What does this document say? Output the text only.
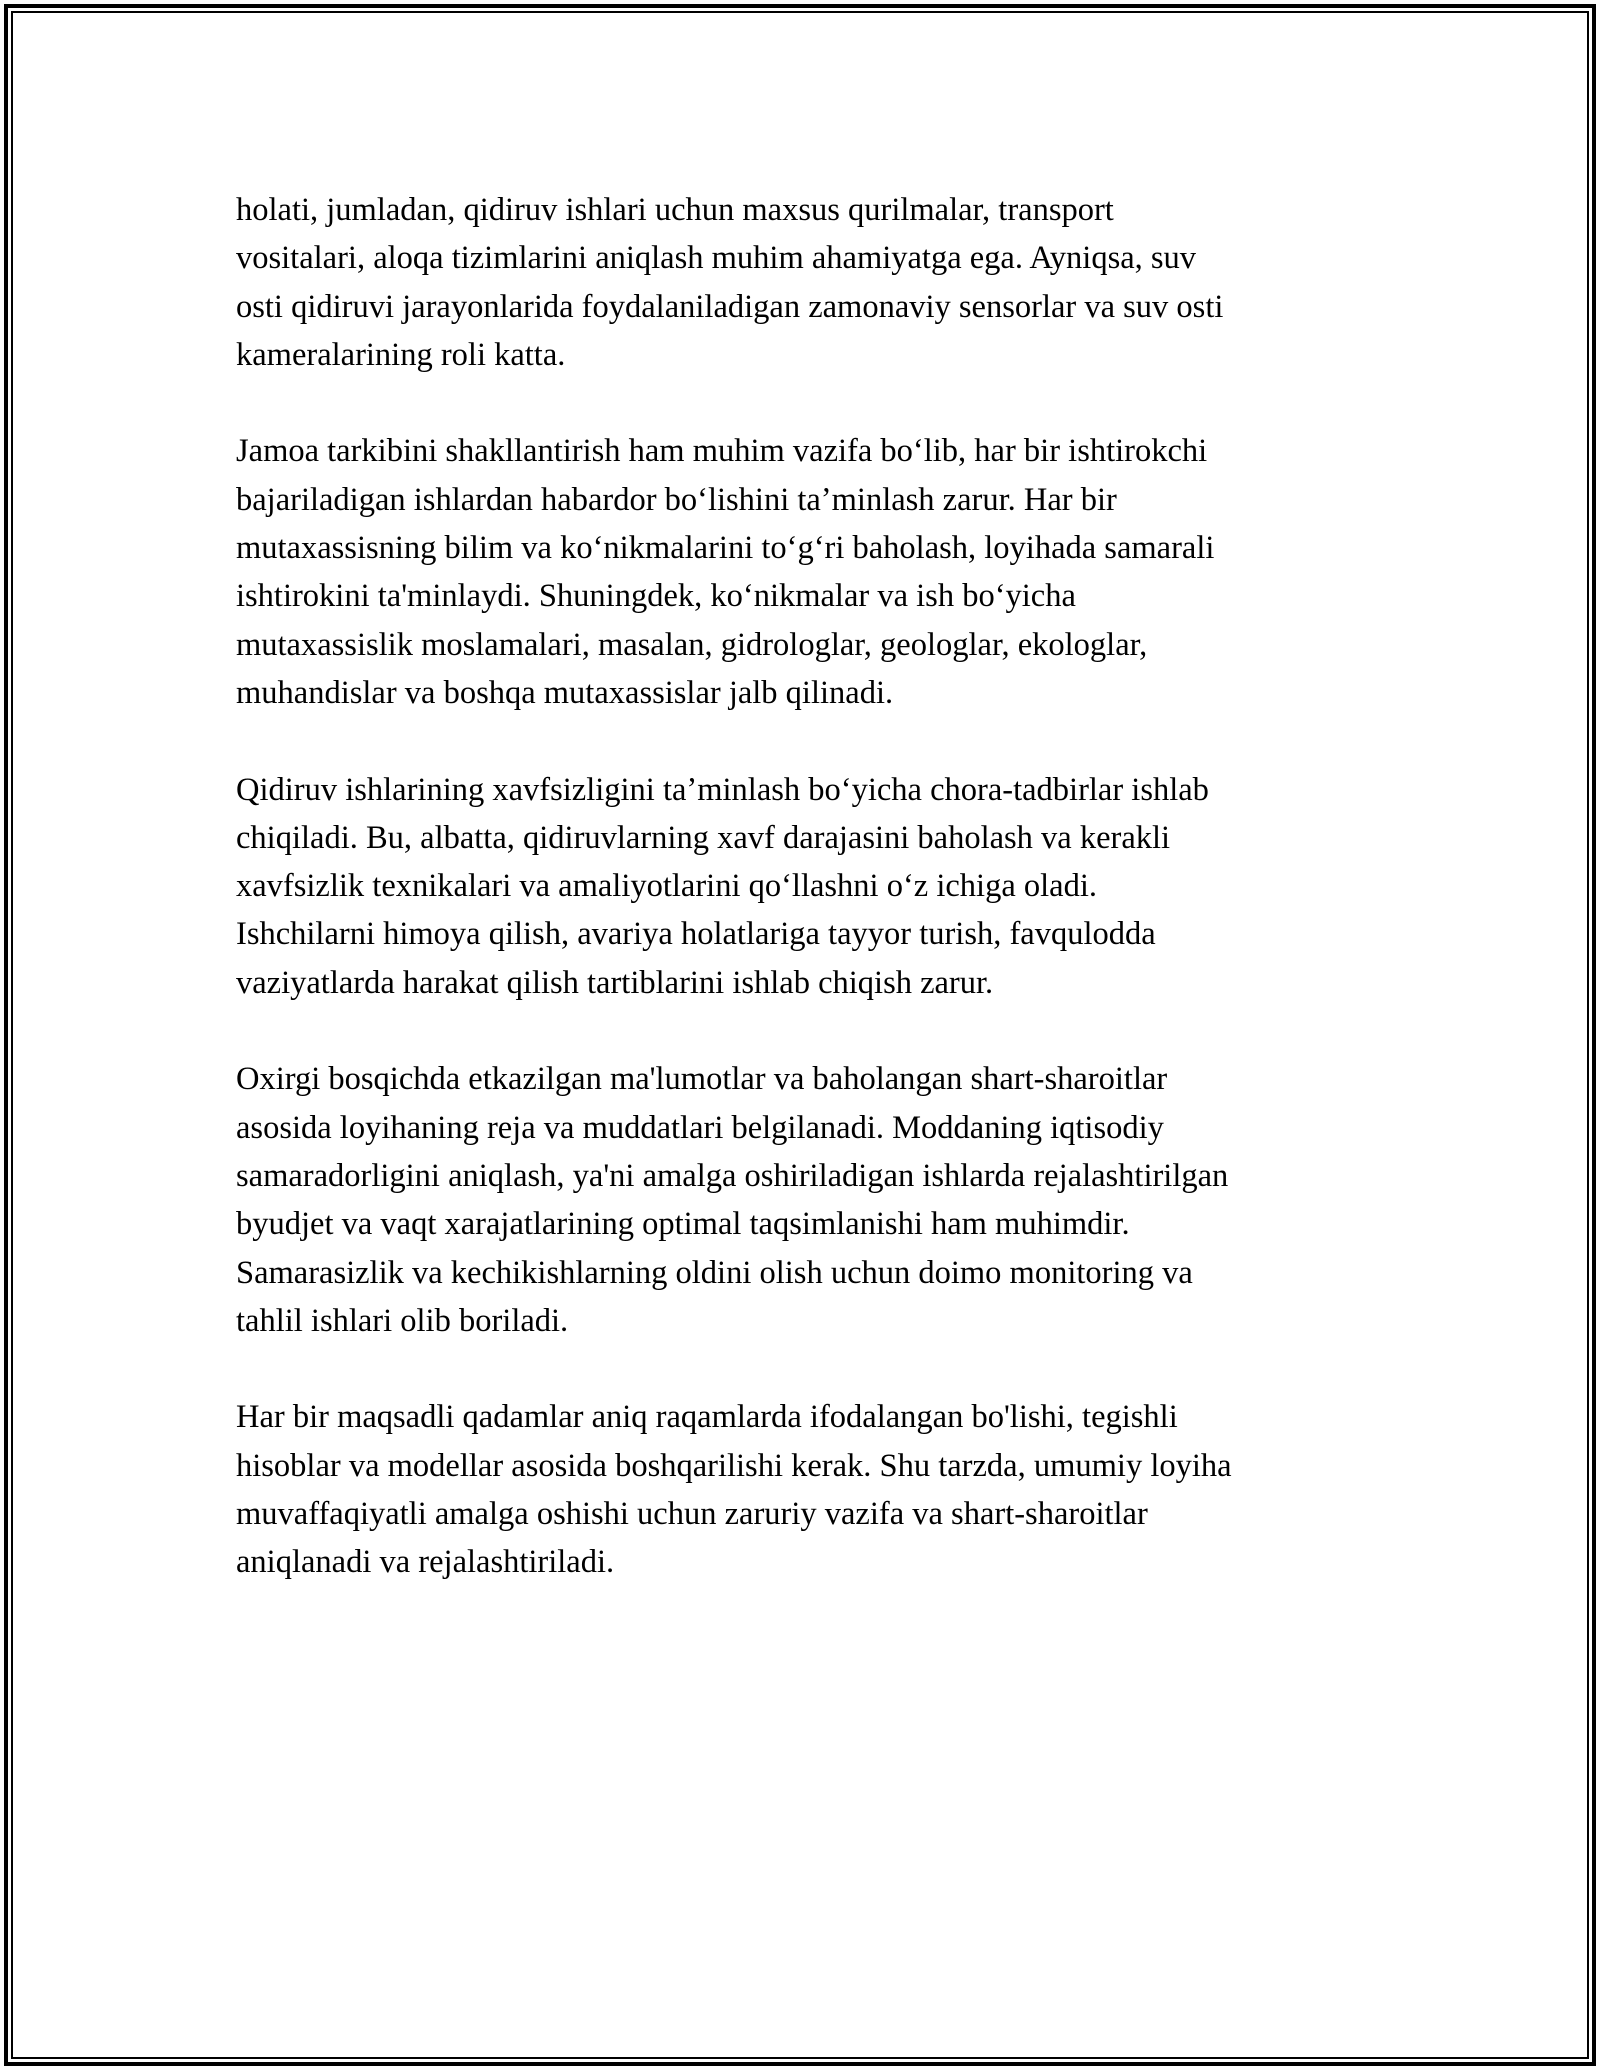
holati, jumladan, qidiruv ishlari uchun maxsus qurilmalar, transport
vositalari, aloqa tizimlarini aniqlash muhim ahamiyatga ega. Ayniqsa, suv
osti qidiruvi jarayonlarida foydalaniladigan zamonaviy sensorlar va suv osti
kameralarining roli katta.

Jamoa tarkibini shakllantirish ham muhim vazifa boʻlib, har bir ishtirokchi
bajariladigan ishlardan habardor boʻlishini taʼminlash zarur. Har bir
mutaxassisning bilim va koʻnikmalarini toʻgʻri baholash, loyihada samarali
ishtirokini ta'minlaydi. Shuningdek, koʻnikmalar va ish boʻyicha
mutaxassislik moslamalari, masalan, gidrologlar, geologlar, ekologlar,
muhandislar va boshqa mutaxassislar jalb qilinadi.

Qidiruv ishlarining xavfsizligini taʼminlash boʻyicha chora-tadbirlar ishlab
chiqiladi. Bu, albatta, qidiruvlarning xavf darajasini baholash va kerakli
xavfsizlik texnikalari va amaliyotlarini qoʻllashni oʻz ichiga oladi.
Ishchilarni himoya qilish, avariya holatlariga tayyor turish, favqulodda
vaziyatlarda harakat qilish tartiblarini ishlab chiqish zarur.

Oxirgi bosqichda etkazilgan ma'lumotlar va baholangan shart-sharoitlar
asosida loyihaning reja va muddatlari belgilanadi. Moddaning iqtisodiy
samaradorligini aniqlash, ya'ni amalga oshiriladigan ishlarda rejalashtirilgan
byudjet va vaqt xarajatlarining optimal taqsimlanishi ham muhimdir.
Samarasizlik va kechikishlarning oldini olish uchun doimo monitoring va
tahlil ishlari olib boriladi.

Har bir maqsadli qadamlar aniq raqamlarda ifodalangan bo'lishi, tegishli
hisoblar va modellar asosida boshqarilishi kerak. Shu tarzda, umumiy loyiha
muvaffaqiyatli amalga oshishi uchun zaruriy vazifa va shart-sharoitlar
aniqlanadi va rejalashtiriladi.
